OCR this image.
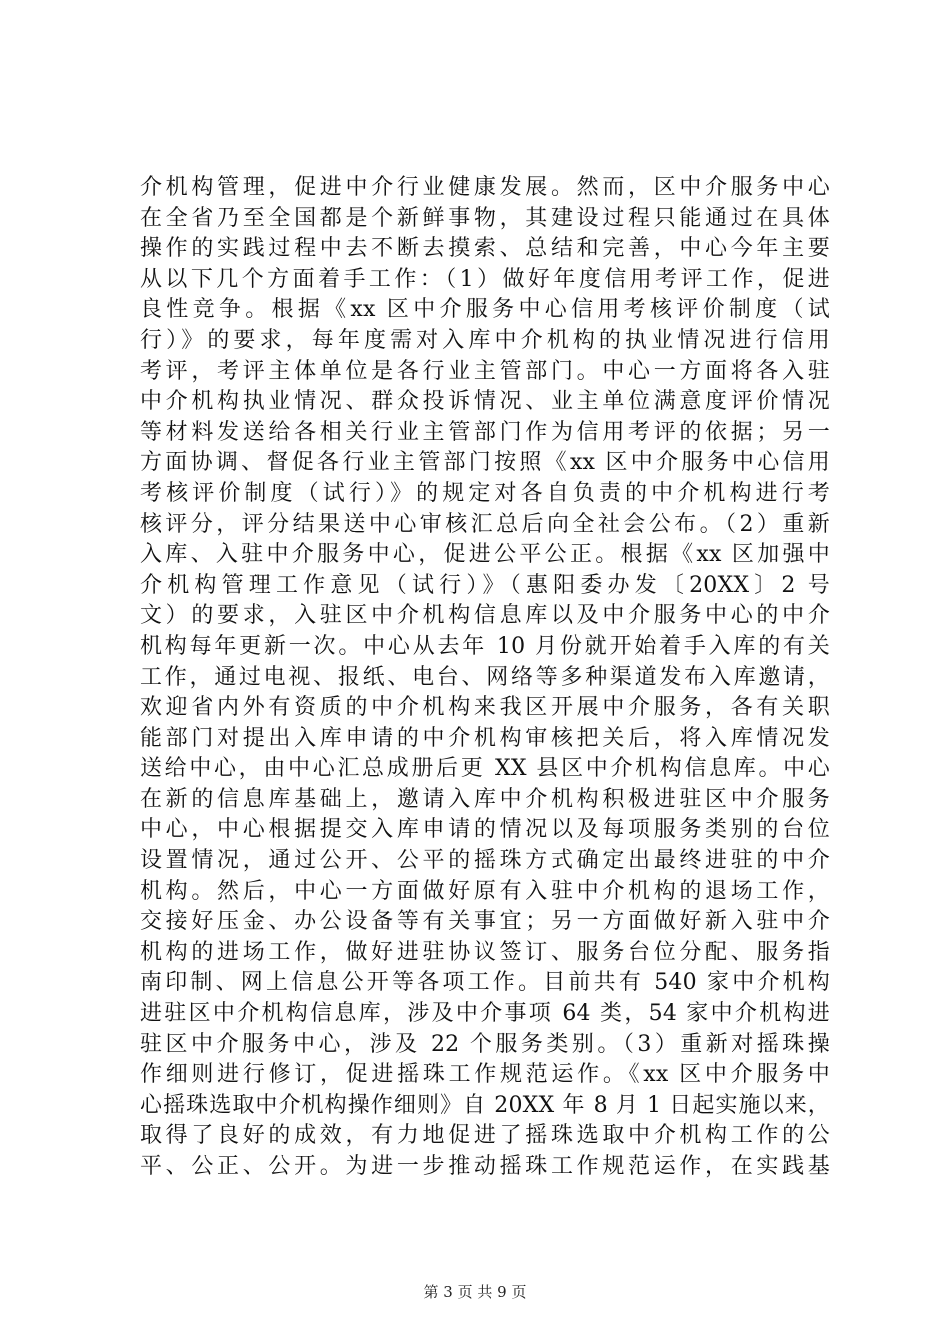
介机构管理，促进中介行业健康发展。然而，区中介服务中心
在全省乃至全国都是个新鲜事物，其建设过程只能通过在具体
操作的实践过程中去不断去摸索、总结和完善，中心今年主要
从以下几个方面着手工作：（1）做好年度信用考评工作，促进
良性竞争。根据《xx 区中介服务中心信用考核评价制度（试
行）》的要求，每年度需对入库中介机构的执业情况进行信用
考评，考评主体单位是各行业主管部门。中心一方面将各入驻
中介机构执业情况、群众投诉情况、业主单位满意度评价情况
等材料发送给各相关行业主管部门作为信用考评的依据；另一
方面协调、督促各行业主管部门按照《xx 区中介服务中心信用
考核评价制度（试行）》的规定对各自负责的中介机构进行考
核评分，评分结果送中心审核汇总后向全社会公布。（2）重新
入库、入驻中介服务中心，促进公平公正。根据《xx 区加强中
介机构管理工作意见（试行）》（惠阳委办发〔20XX〕2 号
文）的要求，入驻区中介机构信息库以及中介服务中心的中介
机构每年更新一次。中心从去年 10 月份就开始着手入库的有关
工作，通过电视、报纸、电台、网络等多种渠道发布入库邀请，
欢迎省内外有资质的中介机构来我区开展中介服务，各有关职
能部门对提出入库申请的中介机构审核把关后，将入库情况发
送给中心，由中心汇总成册后更 XX 县区中介机构信息库。中心
在新的信息库基础上，邀请入库中介机构积极进驻区中介服务
中心，中心根据提交入库申请的情况以及每项服务类别的台位
设置情况，通过公开、公平的摇珠方式确定出最终进驻的中介
机构。然后，中心一方面做好原有入驻中介机构的退场工作，
交接好压金、办公设备等有关事宜；另一方面做好新入驻中介
机构的进场工作，做好进驻协议签订、服务台位分配、服务指
南印制、网上信息公开等各项工作。目前共有 540 家中介机构
进驻区中介机构信息库，涉及中介事项 64 类，54 家中介机构进
驻区中介服务中心，涉及 22 个服务类别。（3）重新对摇珠操
作细则进行修订，促进摇珠工作规范运作。《xx 区中介服务中
心摇珠选取中介机构操作细则》自 20XX 年 8 月 1 日起实施以来，
取得了良好的成效，有力地促进了摇珠选取中介机构工作的公
平、公正、公开。为进一步推动摇珠工作规范运作，在实践基
第 3 页 共 9 页
